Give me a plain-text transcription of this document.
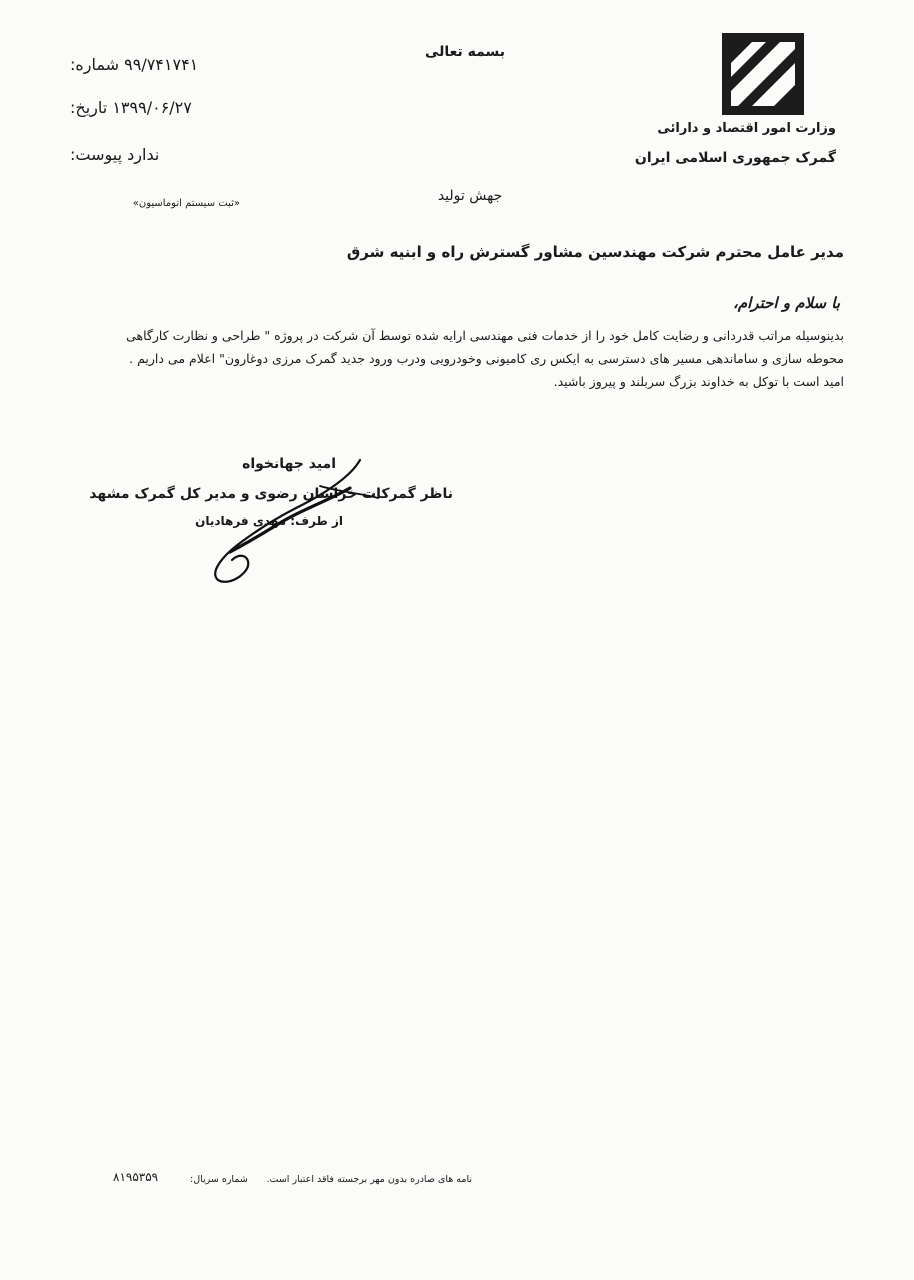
وزارت امور اقتصاد و دارائی
گمرک جمهوری اسلامی ایران
بسمه تعالی
شماره: ۹۹/۷۴۱۷۴۱
تاریخ: ۱۳۹۹/۰۶/۲۷
پیوست: ندارد
«ثبت سیستم اتوماسیون»	جهش تولید
مدیر عامل محترم شرکت مهندسین مشاور گسترش راه و ابنیه شرق
با سلام و احترام،

بدینوسیله مراتب قدردانی و رضایت کامل خود را از خدمات فنی مهندسی ارایه شده توسط آن شرکت در پروژه " طراحی و نظارت کارگاهی

محوطه سازی و ساماندهی مسیر های دسترسی به ایکس ری کامیونی وخودرویی ودرب ورود جدید گمرک مرزی دوغارون" اعلام می داریم .

امید است با توکل به خداوند بزرگ سربلند و پیروز باشید.

امید جهانخواه
ناظر گمرکات خراسان رضوی و مدیر کل گمرک مشهد
از طرف: مهدی فرهادیان
نامه های صادره بدون مهر برجسته فاقد اعتبار است.
شماره سریال:
۸۱۹۵۳۵۹
